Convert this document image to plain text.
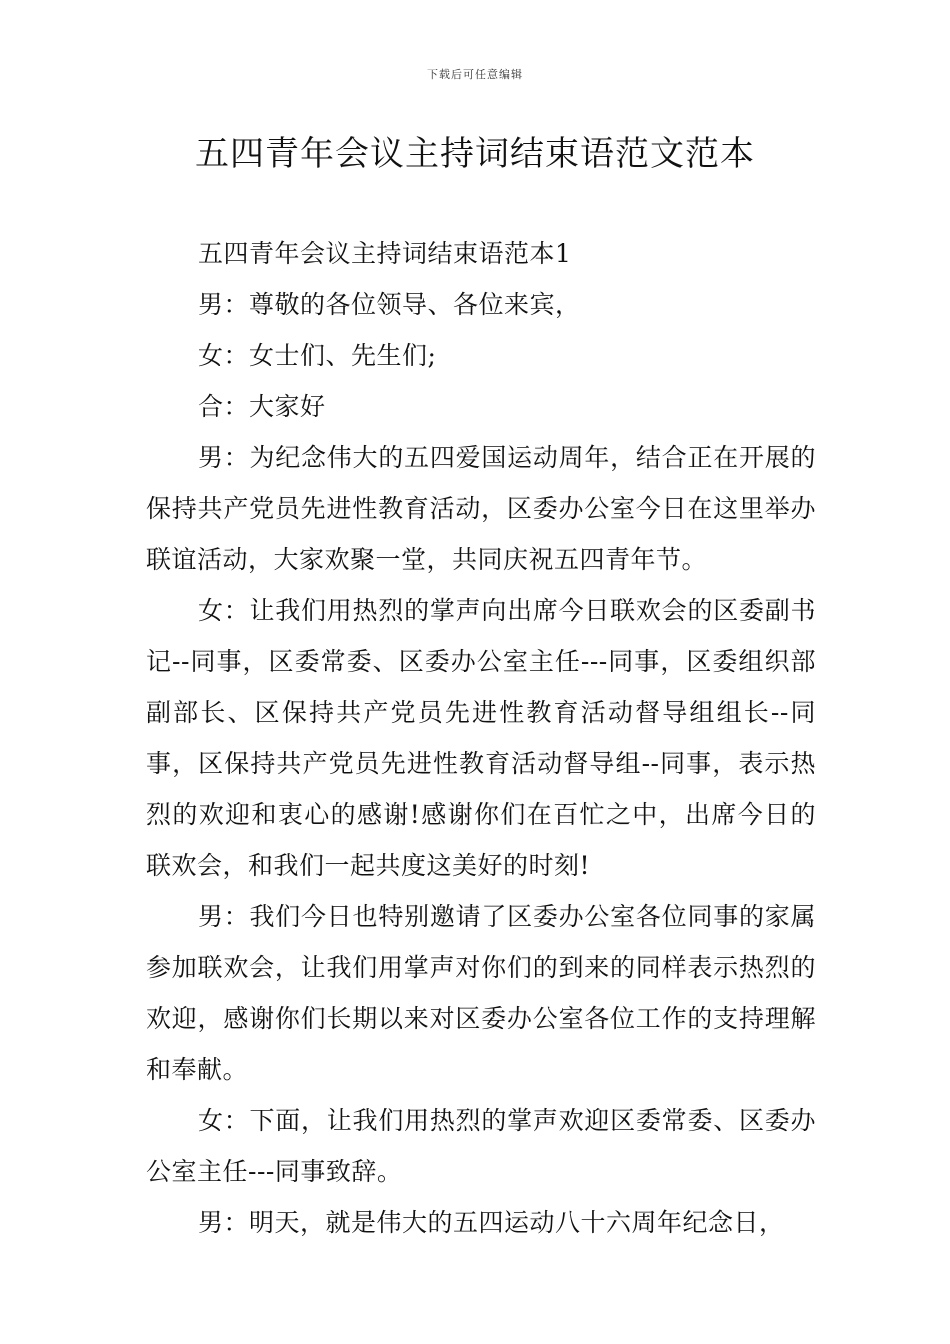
下载后可任意编辑
五四青年会议主持词结束语范文范本

五四青年会议主持词结束语范本1

男：尊敬的各位领导、各位来宾，

女：女士们、先生们;

合：大家好

男：为纪念伟大的五四爱国运动周年，结合正在开展的保持共产党员先进性教育活动，区委办公室今日在这里举办联谊活动，大家欢聚一堂，共同庆祝五四青年节。

女：让我们用热烈的掌声向出席今日联欢会的区委副书记--同事，区委常委、区委办公室主任---同事，区委组织部副部长、区保持共产党员先进性教育活动督导组组长--同事，区保持共产党员先进性教育活动督导组--同事，表示热烈的欢迎和衷心的感谢!感谢你们在百忙之中，出席今日的联欢会，和我们一起共度这美好的时刻!

男：我们今日也特别邀请了区委办公室各位同事的家属参加联欢会，让我们用掌声对你们的到来的同样表示热烈的欢迎，感谢你们长期以来对区委办公室各位工作的支持理解和奉献。

女：下面，让我们用热烈的掌声欢迎区委常委、区委办公室主任---同事致辞。

男：明天，就是伟大的五四运动八十六周年纪念日，
